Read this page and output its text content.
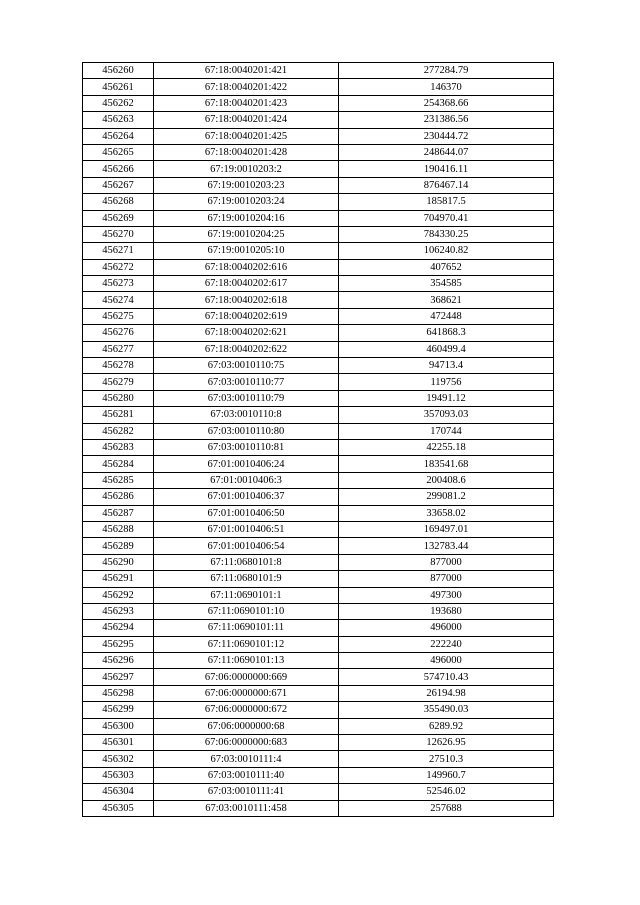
456260	67:18:0040201:421	277284.79
456261	67:18:0040201:422	146370
456262	67:18:0040201:423	254368.66
456263	67:18:0040201:424	231386.56
456264	67:18:0040201:425	230444.72
456265	67:18:0040201:428	248644.07
456266	67:19:0010203:2	190416.11
456267	67:19:0010203:23	876467.14
456268	67:19:0010203:24	185817.5
456269	67:19:0010204:16	704970.41
456270	67:19:0010204:25	784330.25
456271	67:19:0010205:10	106240.82
456272	67:18:0040202:616	407652
456273	67:18:0040202:617	354585
456274	67:18:0040202:618	368621
456275	67:18:0040202:619	472448
456276	67:18:0040202:621	641868.3
456277	67:18:0040202:622	460499.4
456278	67:03:0010110:75	94713.4
456279	67:03:0010110:77	119756
456280	67:03:0010110:79	19491.12
456281	67:03:0010110:8	357093.03
456282	67:03:0010110:80	170744
456283	67:03:0010110:81	42255.18
456284	67:01:0010406:24	183541.68
456285	67:01:0010406:3	200408.6
456286	67:01:0010406:37	299081.2
456287	67:01:0010406:50	33658.02
456288	67:01:0010406:51	169497.01
456289	67:01:0010406:54	132783.44
456290	67:11:0680101:8	877000
456291	67:11:0680101:9	877000
456292	67:11:0690101:1	497300
456293	67:11:0690101:10	193680
456294	67:11:0690101:11	496000
456295	67:11:0690101:12	222240
456296	67:11:0690101:13	496000
456297	67:06:0000000:669	574710.43
456298	67:06:0000000:671	26194.98
456299	67:06:0000000:672	355490.03
456300	67:06:0000000:68	6289.92
456301	67:06:0000000:683	12626.95
456302	67:03:0010111:4	27510.3
456303	67:03:0010111:40	149960.7
456304	67:03:0010111:41	52546.02
456305	67:03:0010111:458	257688
